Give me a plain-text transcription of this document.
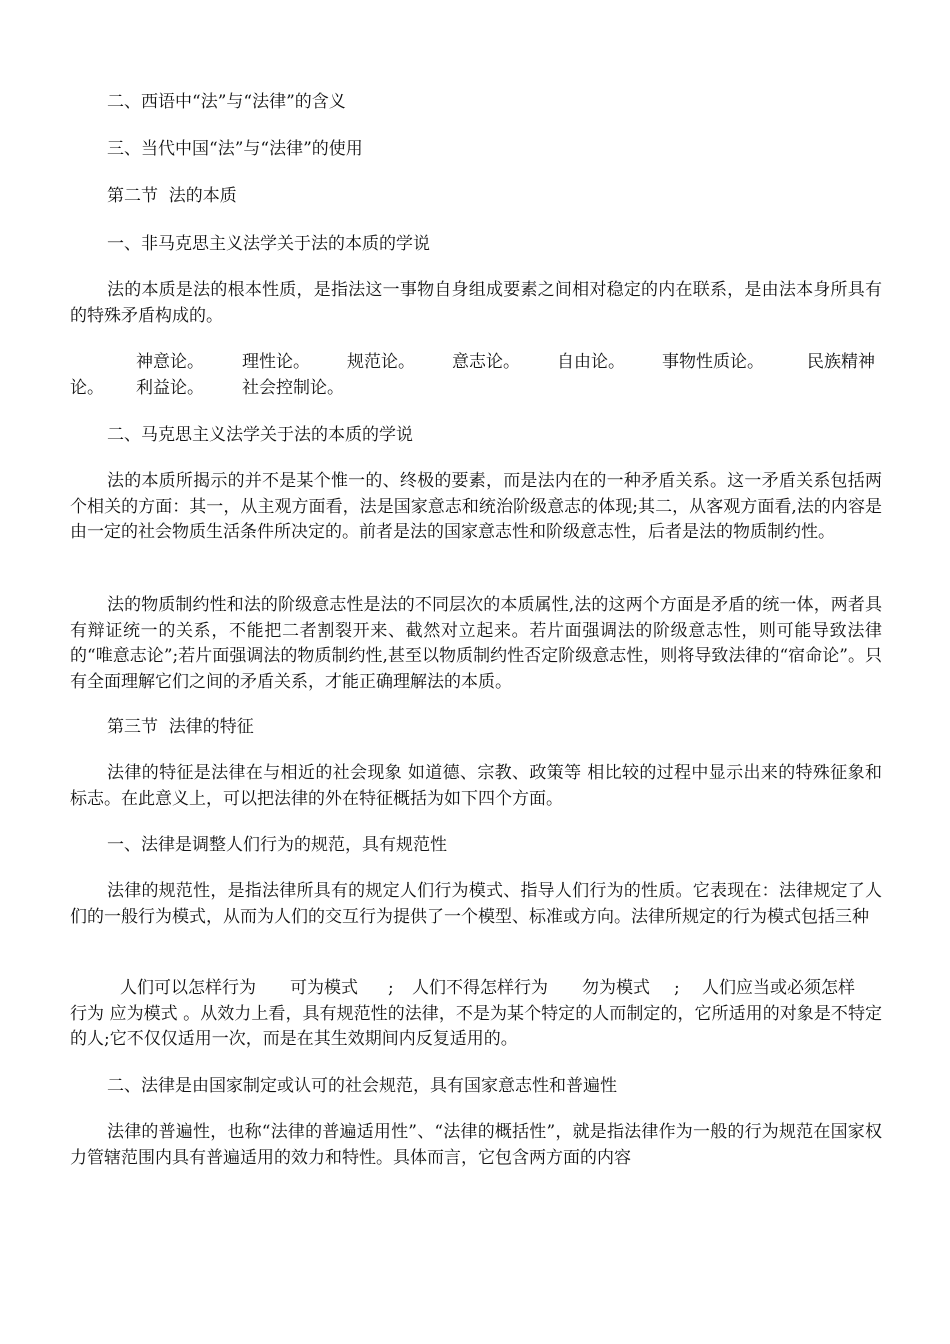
二、西语中“法”与“法律”的含义
三、当代中国“法”与“法律”的使用
第二节  法的本质
一、非马克思主义法学关于法的本质的学说
法的本质是法的根本性质，是指法这一事物自身组成要素之间相对稳定的内在联系，是由法本身所具有的特殊矛盾构成的。
神意论。 理性论。 规范论。 意志论。 自由论。 事物性质论。	民族精神
论。 利益论。 社会控制论。
二、马克思主义法学关于法的本质的学说
法的本质所揭示的并不是某个惟一的、终极的要素，而是法内在的一种矛盾关系。这一矛盾关系包括两个相关的方面：其一，从主观方面看，法是国家意志和统治阶级意志的体现;其二，从客观方面看,法的内容是由一定的社会物质生活条件所决定的。前者是法的国家意志性和阶级意志性，后者是法的物质制约性。
法的物质制约性和法的阶级意志性是法的不同层次的本质属性,法的这两个方面是矛盾的统一体，两者具有辩证统一的关系，不能把二者割裂开来、截然对立起来。若片面强调法的阶级意志性，则可能导致法律的“唯意志论”;若片面强调法的物质制约性,甚至以物质制约性否定阶级意志性，则将导致法律的“宿命论”。只有全面理解它们之间的矛盾关系，才能正确理解法的本质。
第三节  法律的特征
法律的特征是法律在与相近的社会现象 如道德、宗教、政策等 相比较的过程中显示出来的特殊征象和标志。在此意义上，可以把法律的外在特征概括为如下四个方面。
一、法律是调整人们行为的规范，具有规范性
法律的规范性，是指法律所具有的规定人们行为模式、指导人们行为的性质。它表现在：法律规定了人们的一般行为模式，从而为人们的交互行为提供了一个模型、标准或方向。法律所规定的行为模式包括三种
人们可以怎样行为 可为模式 ; 人们不得怎样行为 勿为模式 ; 人们应当或必须怎样
行为 应为模式 。从效力上看，具有规范性的法律，不是为某个特定的人而制定的，它所适用的对象是不特定的人;它不仅仅适用一次，而是在其生效期间内反复适用的。
二、法律是由国家制定或认可的社会规范，具有国家意志性和普遍性
法律的普遍性，也称“法律的普遍适用性”、“法律的概括性”，就是指法律作为一般的行为规范在国家权力管辖范围内具有普遍适用的效力和特性。具体而言，它包含两方面的内容
